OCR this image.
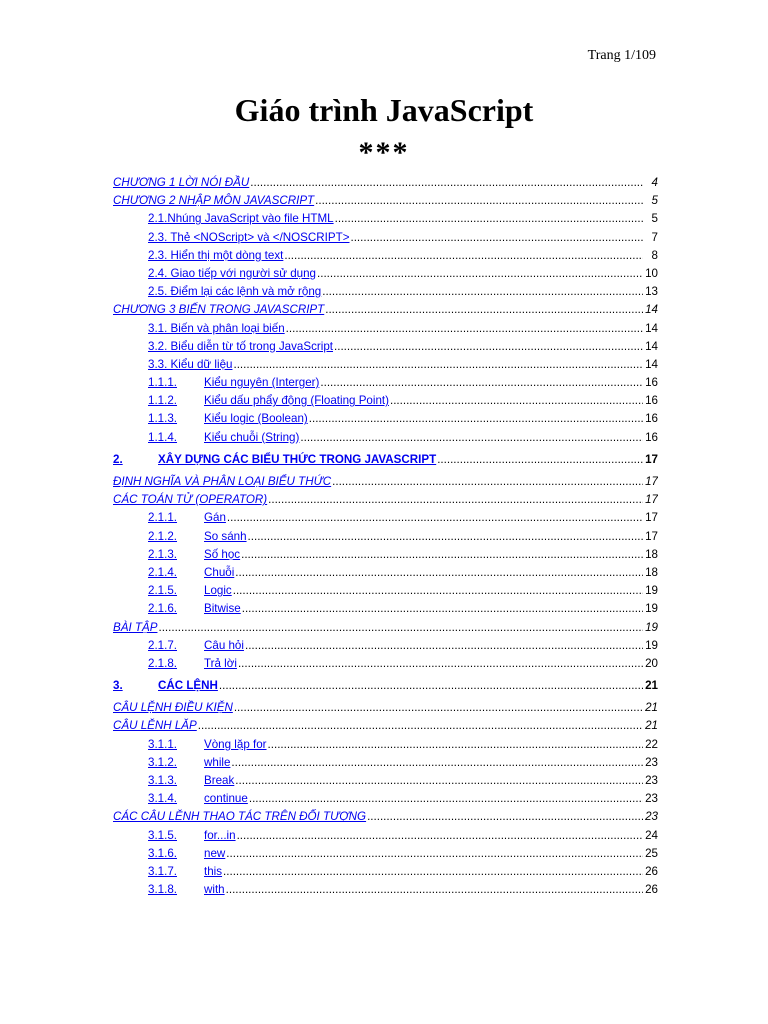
Trang 1/109
Giáo trình JavaScript
***
CHƯƠNG 1 LỜI NÓI ĐẦU .....	4
CHƯƠNG 2 NHẬP MÔN JAVASCRIPT .....	5
2.1.Nhúng JavaScript vào file HTML .....	5
2.3. Thẻ <NOScript> và </NOSCRIPT> .....	7
2.3. Hiển thị một dòng text .....	8
2.4. Giao tiếp với người sử dụng .....	10
2.5. Điểm lại các lệnh và mở rộng .....	13
CHƯƠNG 3 BIẾN TRONG JAVASCRIPT .....	14
3.1. Biến và phân loại biến .....	14
3.2. Biểu diễn từ tố trong JavaScript .....	14
3.3. Kiểu dữ liệu .....	14
1.1.1.	Kiểu nguyên (Interger) .....	16
1.1.2.	Kiểu dấu phẩy động (Floating Point) .....	16
1.1.3.	Kiểu logic (Boolean) .....	16
1.1.4.	Kiểu chuỗi (String) .....	16
2.	XÂY DỰNG CÁC BIỂU THỨC TRONG JAVASCRIPT .....	17
ĐỊNH NGHĨA VÀ PHÂN LOẠI BIỂU THỨC .....	17
CÁC TOÁN TỬ (OPERATOR) .....	17
2.1.1.	Gán .....	17
2.1.2.	So sánh .....	17
2.1.3.	Số học .....	18
2.1.4.	Chuỗi .....	18
2.1.5.	Logic .....	19
2.1.6.	Bitwise .....	19
BÀI TẬP .....	19
2.1.7.	Câu hỏi .....	19
2.1.8.	Trả lời .....	20
3.	CÁC LỆNH .....	21
CÂU LỆNH ĐIỀU KIỆN .....	21
CÂU LỆNH LẶP .....	21
3.1.1.	Vòng lặp for .....	22
3.1.2.	while .....	23
3.1.3.	Break .....	23
3.1.4.	continue .....	23
CÁC CÂU LỆNH THAO TÁC TRÊN ĐỐI TƯỢNG .....	23
3.1.5.	for...in .....	24
3.1.6.	new .....	25
3.1.7.	this .....	26
3.1.8.	with .....	26
